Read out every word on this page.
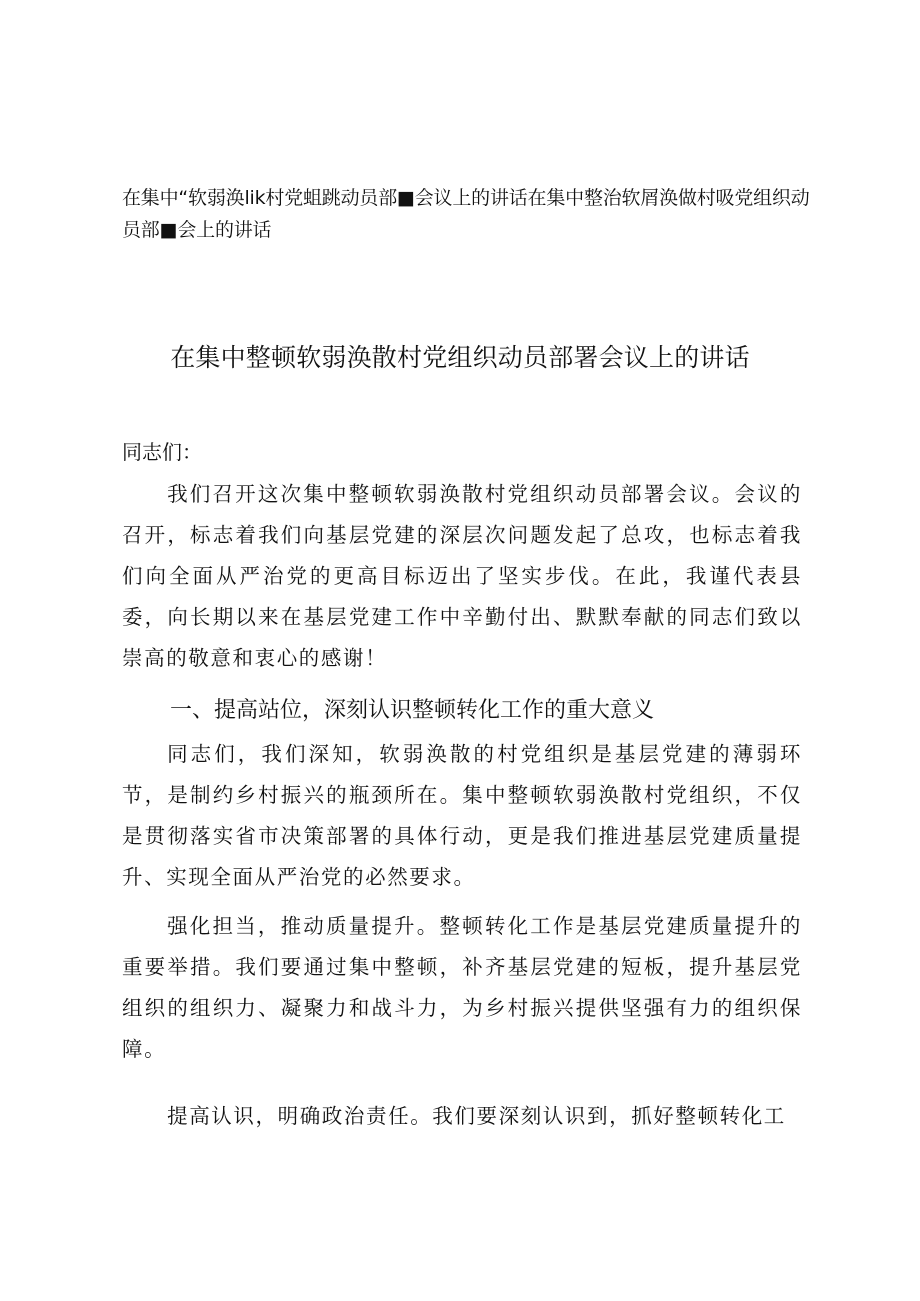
在集中“软弱涣lik村党蛆跳动员部■会议上的讲话在集中整治软屑涣做村吸党组织动员部■会上的讲话
在集中整顿软弱涣散村党组织动员部署会议上的讲话
同志们：

我们召开这次集中整顿软弱涣散村党组织动员部署会议。会议的召开，标志着我们向基层党建的深层次问题发起了总攻，也标志着我们向全面从严治党的更高目标迈出了坚实步伐。在此，我谨代表县委，向长期以来在基层党建工作中辛勤付出、默默奉献的同志们致以崇高的敬意和衷心的感谢！

一、提高站位，深刻认识整顿转化工作的重大意义

同志们，我们深知，软弱涣散的村党组织是基层党建的薄弱环节，是制约乡村振兴的瓶颈所在。集中整顿软弱涣散村党组织，不仅是贯彻落实省市决策部署的具体行动，更是我们推进基层党建质量提升、实现全面从严治党的必然要求。

强化担当，推动质量提升。整顿转化工作是基层党建质量提升的重要举措。我们要通过集中整顿，补齐基层党建的短板，提升基层党组织的组织力、凝聚力和战斗力，为乡村振兴提供坚强有力的组织保障。

提高认识，明确政治责任。我们要深刻认识到，抓好整顿转化工
